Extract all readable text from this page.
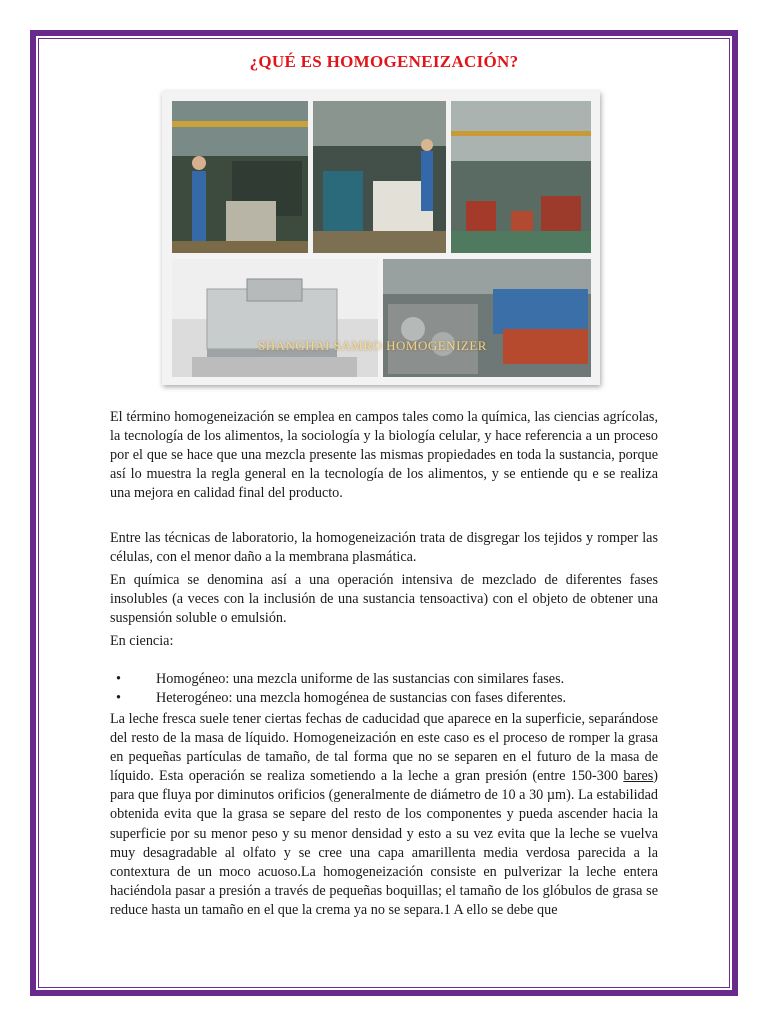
¿QUÉ ES HOMOGENEIZACIÓN?
SHANGHAI SAMRO HOMOGENIZER

El término homogeneización se emplea en campos tales como la química, las ciencias agrícolas, la tecnología de los alimentos, la sociología y la biología celular, y hace referencia a un proceso por el que se hace que una mezcla presente las mismas propiedades en toda la sustancia, porque así lo muestra la regla general en la tecnología de los alimentos, y se entiende qu e se realiza una mejora en calidad final del producto.

Entre las técnicas de laboratorio, la homogeneización trata de disgregar los tejidos y romper las células, con el menor daño a la membrana plasmática.

En química se denomina así a una operación intensiva de mezclado de diferentes fases insolubles (a veces con la inclusión de una sustancia tensoactiva) con el objeto de obtener una suspensión soluble o emulsión.

En ciencia:

• Homogéneo: una mezcla uniforme de las sustancias con similares fases.
• Heterogéneo: una mezcla homogénea de sustancias con fases diferentes.

La leche fresca suele tener ciertas fechas de caducidad que aparece en la superficie, separándose del resto de la masa de líquido. Homogeneización en este caso es el proceso de romper la grasa en pequeñas partículas de tamaño, de tal forma que no se separen en el futuro de la masa de líquido. Esta operación se realiza sometiendo a la leche a gran presión (entre 150-300 bares) para que fluya por diminutos orificios (generalmente de diámetro de 10 a 30 µm). La estabilidad obtenida evita que la grasa se separe del resto de los componentes y pueda ascender hacia la superficie por su menor peso y su menor densidad y esto a su vez evita que la leche se vuelva muy desagradable al olfato y se cree una capa amarillenta media verdosa parecida a la contextura de un moco acuoso.La homogeneización consiste en pulverizar la leche entera haciéndola pasar a presión a través de pequeñas boquillas; el tamaño de los glóbulos de grasa se reduce hasta un tamaño en el que la crema ya no se separa.1 A ello se debe que
